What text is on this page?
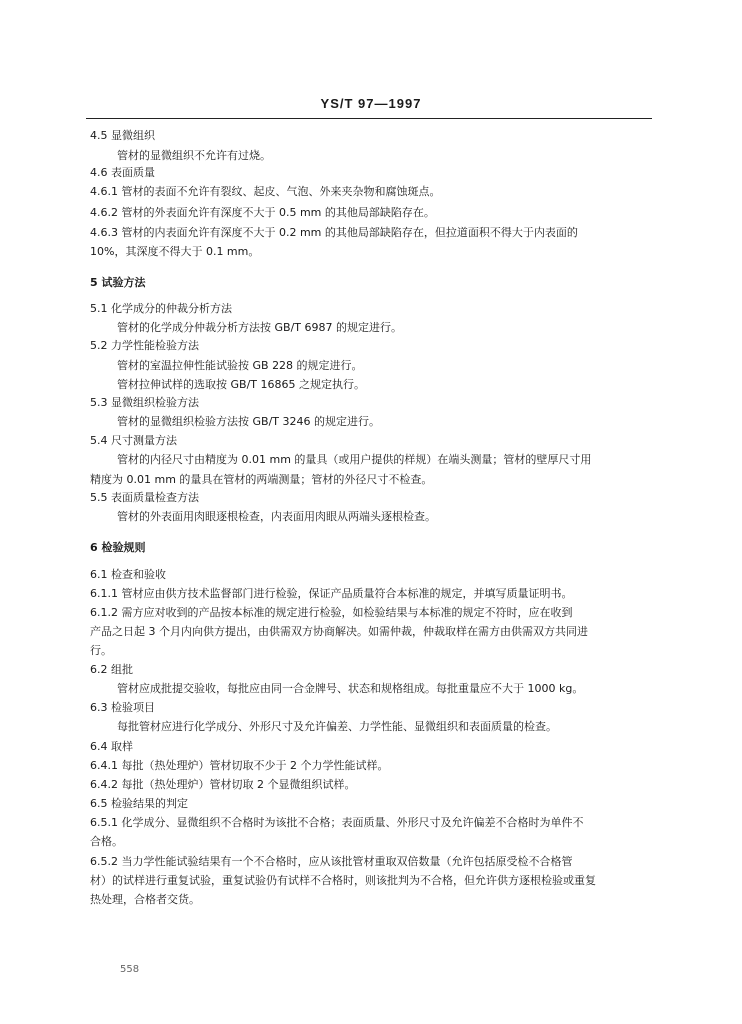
YS/T 97—1997
4.5 显微组织
管材的显微组织不允许有过烧。
4.6 表面质量
4.6.1 管材的表面不允许有裂纹、起皮、气泡、外来夹杂物和腐蚀斑点。
4.6.2 管材的外表面允许有深度不大于 0.5 mm 的其他局部缺陷存在。
4.6.3 管材的内表面允许有深度不大于 0.2 mm 的其他局部缺陷存在，但拉道面积不得大于内表面的
10%，其深度不得大于 0.1 mm。
5 试验方法
5.1 化学成分的仲裁分析方法
管材的化学成分仲裁分析方法按 GB/T 6987 的规定进行。
5.2 力学性能检验方法
管材的室温拉伸性能试验按 GB 228 的规定进行。
管材拉伸试样的选取按 GB/T 16865 之规定执行。
5.3 显微组织检验方法
管材的显微组织检验方法按 GB/T 3246 的规定进行。
5.4 尺寸测量方法
管材的内径尺寸由精度为 0.01 mm 的量具（或用户提供的样规）在端头测量；管材的壁厚尺寸用
精度为 0.01 mm 的量具在管材的两端测量；管材的外径尺寸不检查。
5.5 表面质量检查方法
管材的外表面用肉眼逐根检查，内表面用肉眼从两端头逐根检查。
6 检验规则
6.1 检查和验收
6.1.1 管材应由供方技术监督部门进行检验，保证产品质量符合本标准的规定，并填写质量证明书。
6.1.2 需方应对收到的产品按本标准的规定进行检验，如检验结果与本标准的规定不符时，应在收到
产品之日起 3 个月内向供方提出，由供需双方协商解决。如需仲裁，仲裁取样在需方由供需双方共同进
行。
6.2 组批
管材应成批提交验收，每批应由同一合金牌号、状态和规格组成。每批重量应不大于 1000 kg。
6.3 检验项目
每批管材应进行化学成分、外形尺寸及允许偏差、力学性能、显微组织和表面质量的检查。
6.4 取样
6.4.1 每批（热处理炉）管材切取不少于 2 个力学性能试样。
6.4.2 每批（热处理炉）管材切取 2 个显微组织试样。
6.5 检验结果的判定
6.5.1 化学成分、显微组织不合格时为该批不合格；表面质量、外形尺寸及允许偏差不合格时为单件不
合格。
6.5.2 当力学性能试验结果有一个不合格时，应从该批管材重取双倍数量（允许包括原受检不合格管
材）的试样进行重复试验，重复试验仍有试样不合格时，则该批判为不合格，但允许供方逐根检验或重复
热处理，合格者交货。
558
